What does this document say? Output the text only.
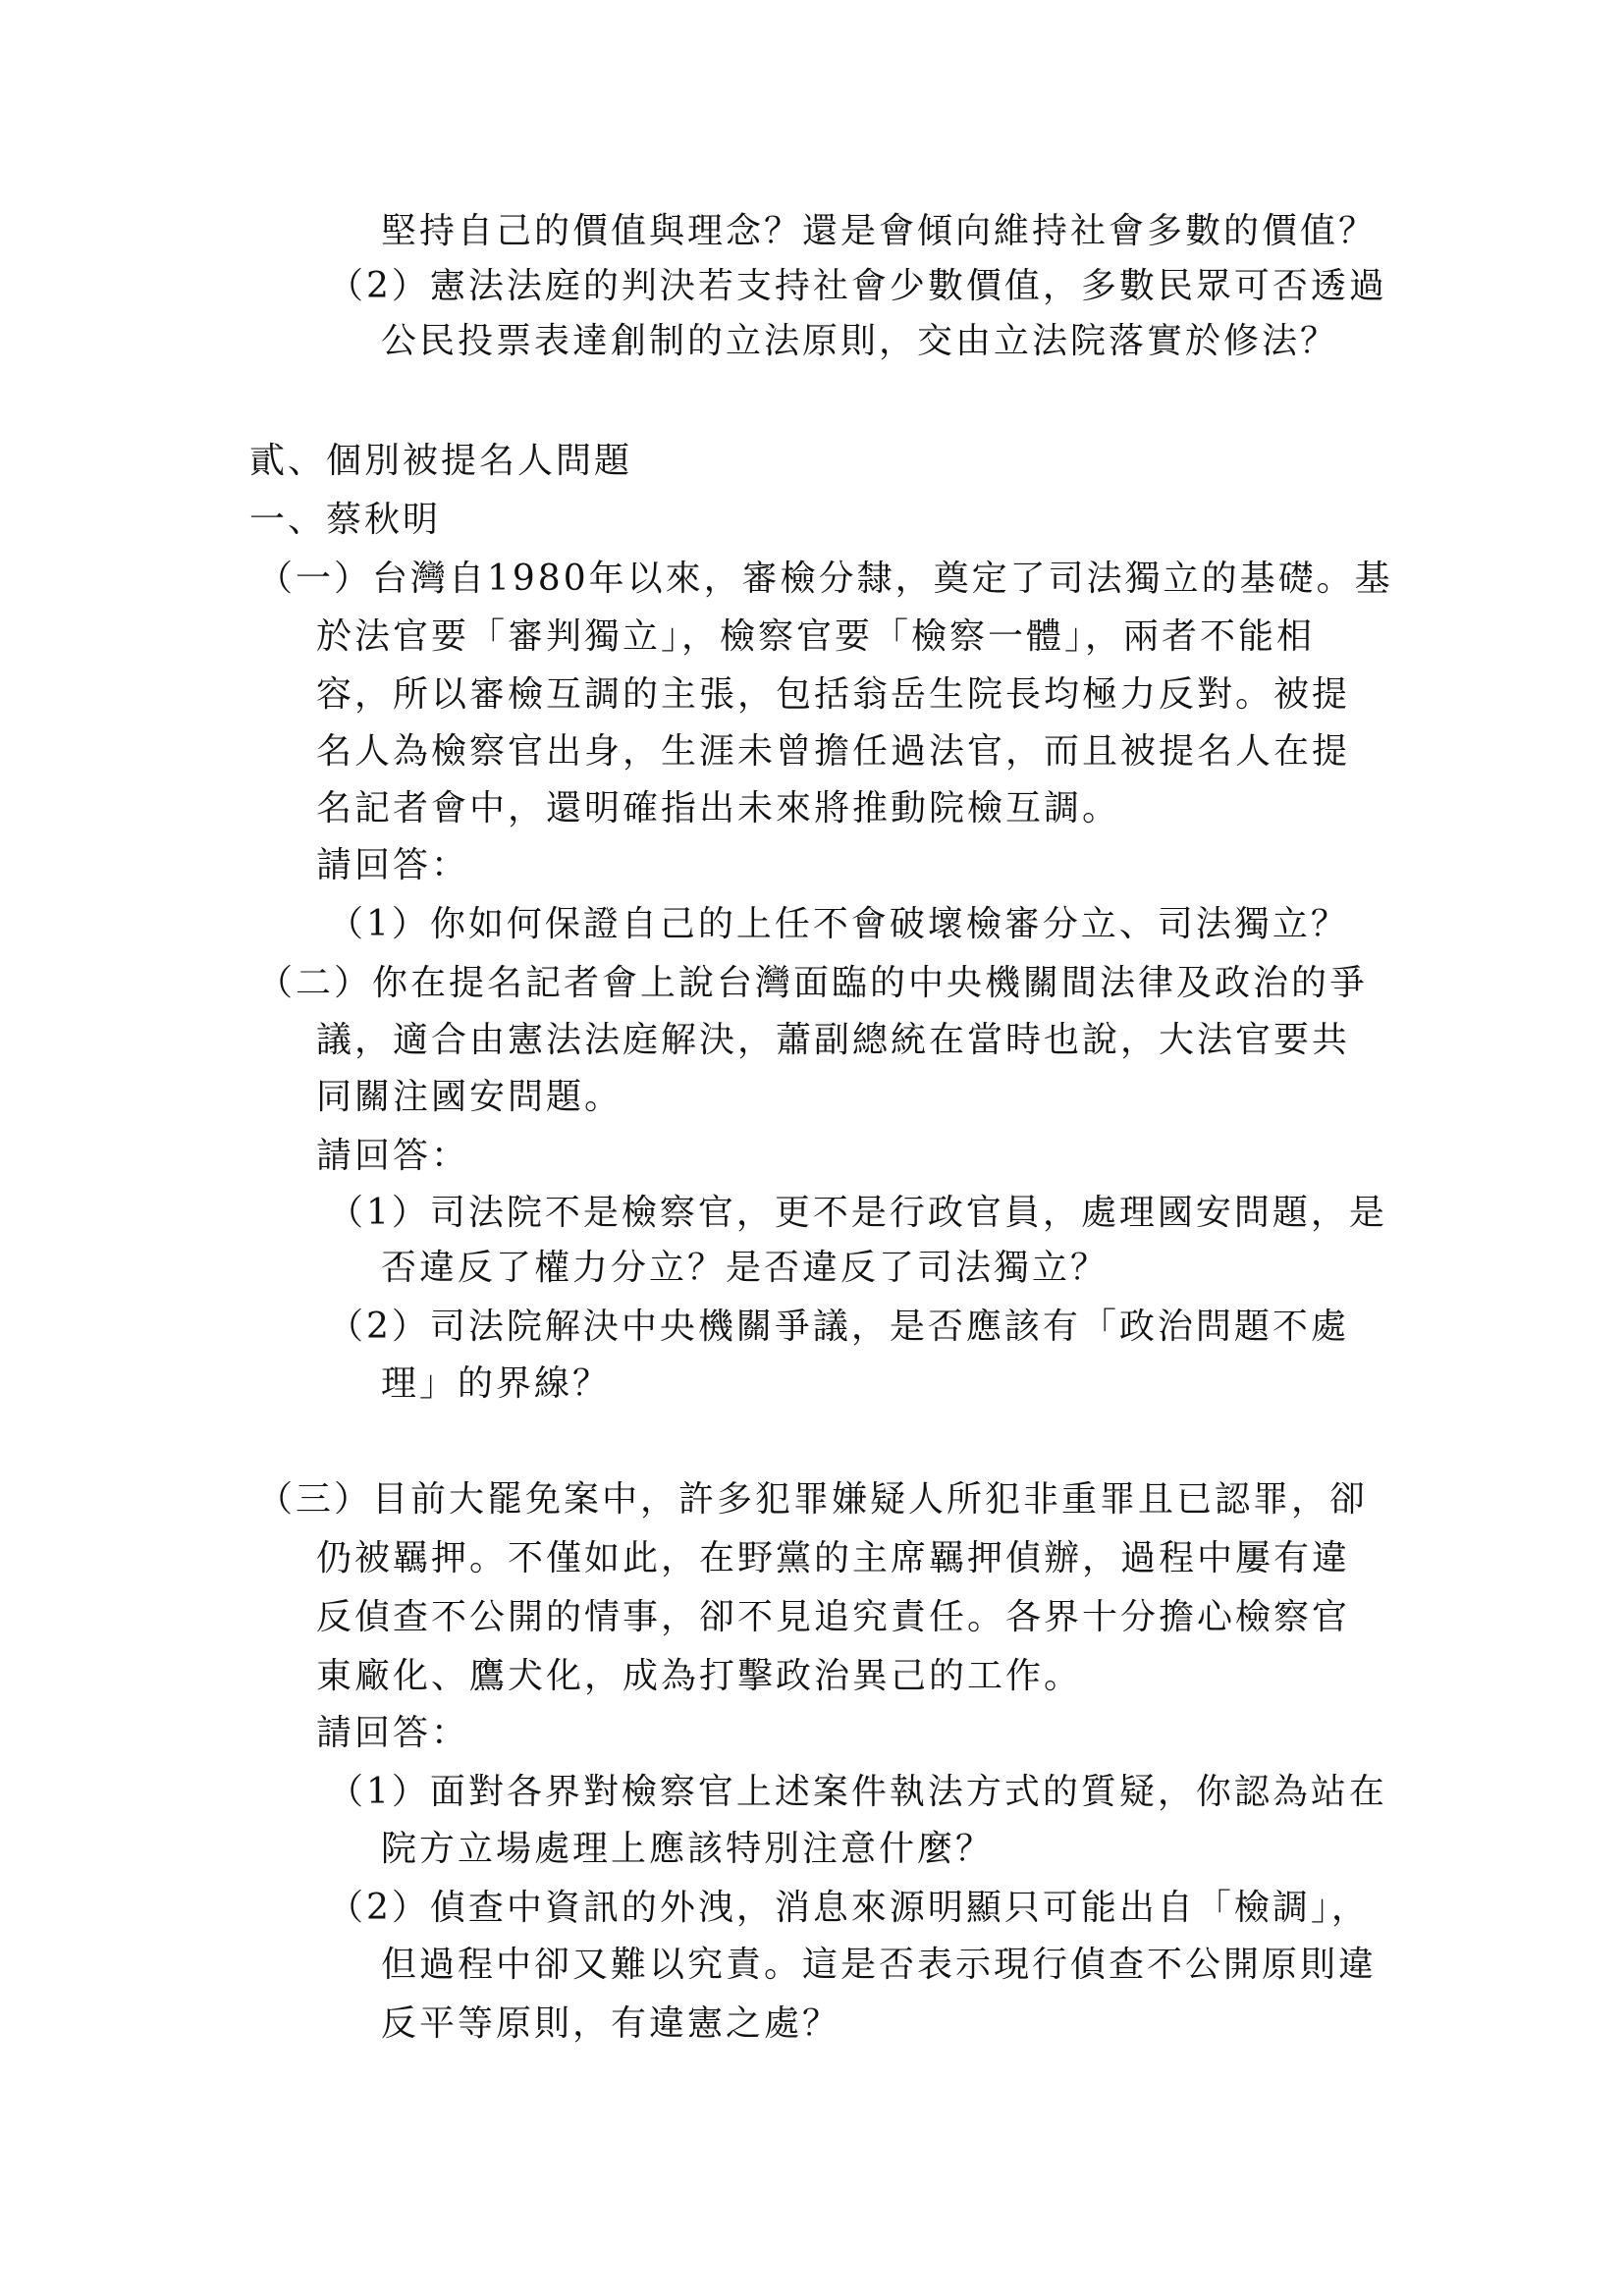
堅持自己的價值與理念？還是會傾向維持社會多數的價值？
（2）憲法法庭的判決若支持社會少數價值，多數民眾可否透過
公民投票表達創制的立法原則，交由立法院落實於修法？
貳、個別被提名人問題
一、蔡秋明
（一）台灣自1980年以來，審檢分隸，奠定了司法獨立的基礎。基
於法官要「審判獨立」，檢察官要「檢察一體」，兩者不能相
容，所以審檢互調的主張，包括翁岳生院長均極力反對。被提
名人為檢察官出身，生涯未曾擔任過法官，而且被提名人在提
名記者會中，還明確指出未來將推動院檢互調。
請回答：
（1）你如何保證自己的上任不會破壞檢審分立、司法獨立？
（二）你在提名記者會上說台灣面臨的中央機關間法律及政治的爭
議，適合由憲法法庭解決，蕭副總統在當時也說，大法官要共
同關注國安問題。
請回答：
（1）司法院不是檢察官，更不是行政官員，處理國安問題，是
否違反了權力分立？是否違反了司法獨立？
（2）司法院解決中央機關爭議，是否應該有「政治問題不處
理」的界線？
（三）目前大罷免案中，許多犯罪嫌疑人所犯非重罪且已認罪，卻
仍被羈押。不僅如此，在野黨的主席羈押偵辦，過程中屢有違
反偵查不公開的情事，卻不見追究責任。各界十分擔心檢察官
東廠化、鷹犬化，成為打擊政治異己的工作。
請回答：
（1）面對各界對檢察官上述案件執法方式的質疑，你認為站在
院方立場處理上應該特別注意什麼？
（2）偵查中資訊的外洩，消息來源明顯只可能出自「檢調」，
但過程中卻又難以究責。這是否表示現行偵查不公開原則違
反平等原則，有違憲之處？
